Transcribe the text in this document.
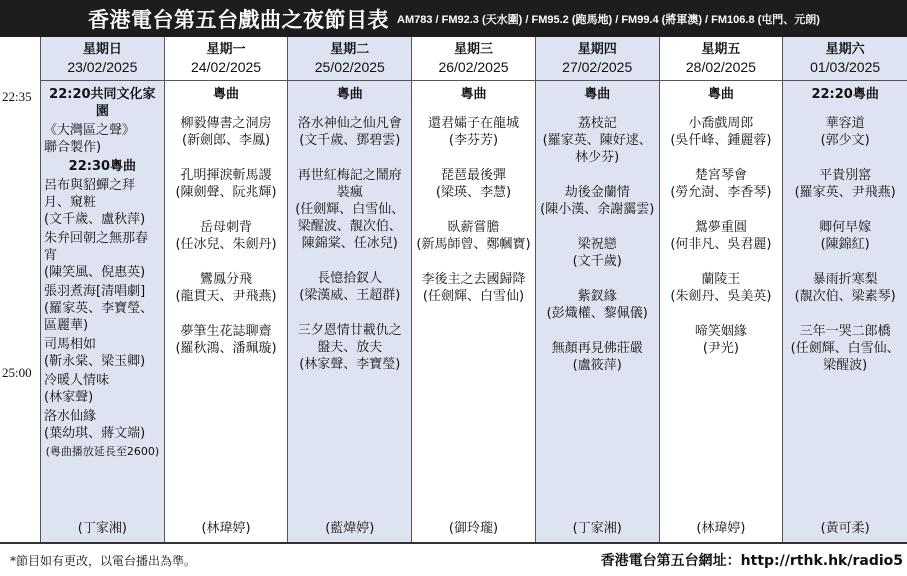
香港電台第五台戲曲之夜節目表 AM783 / FM92.3 (天水圍) / FM95.2 (跑馬地) / FM99.4 (將軍澳) / FM106.8 (屯門、元朗)
22:35
25:00
星期日
23/02/2025
22:20共同文化家園
《大灣區之聲》
聯合製作)
22:30粵曲
呂布與貂蟬之拜月、窺粧
(文千歲、盧秋萍)
朱弁回朝之無那春宵
(陳笑風、倪惠英)
張羽煮海[清唱劇]
(羅家英、李寶瑩、區麗華)
司馬相如
(靳永棠、梁玉卿)
冷暖人情味
(林家聲)
洛水仙緣
(葉幼琪、蔣文端)
(粵曲播放延長至2600)
(丁家湘)
星期一
24/02/2025
粵曲
柳毅傳書之洞房
(新劍郎、李鳳)
孔明揮淚斬馬謖
(陳劍聲、阮兆輝)
岳母刺背
(任冰兒、朱劍丹)
鸞鳳分飛
(龍貫天、尹飛燕)
夢筆生花誌聊齋
(羅秋鴻、潘珮璇)
(林瑋婷)
星期二
25/02/2025
粵曲
洛水神仙之仙凡會
(文千歲、鄧碧雲)
再世紅梅記之鬧府裝瘋
(任劍輝、白雪仙、梁醒波、靚次伯、陳錦棠、任冰兒)
長憶拾釵人
(梁漢威、王超群)
三夕恩情廿載仇之盤夫、放夫
(林家聲、李寶瑩)
(藍煒婷)
星期三
26/02/2025
粵曲
還君孀子在龍城
(李芬芳)
琵琶最後彈
(梁瑛、李慧)
臥薪嘗膽
(新馬師曾、鄭幗寶)
李後主之去國歸降
(任劍輝、白雪仙)
(御玲瓏)
星期四
27/02/2025
粵曲
荔枝記
(羅家英、陳好逑、林少芬)
劫後金蘭情
(陳小漢、余謝靄雲)
梁祝戀
(文千歲)
紫釵緣
(彭熾權、黎佩儀)
無顏再見佛莊嚴
(盧筱萍)
(丁家湘)
星期五
28/02/2025
粵曲
小喬戲周郎
(吳仟峰、鍾麗蓉)
楚宮琴會
(勞允澍、李香琴)
鴛夢重圓
(何非凡、吳君麗)
蘭陵王
(朱劍丹、吳美英)
啼笑姻緣
(尹光)
(林瑋婷)
星期六
01/03/2025
22:20粵曲
華容道
(郭少文)
平貴別窰
(羅家英、尹飛燕)
卿何早嫁
(陳錦紅)
暴雨折寒梨
(靚次伯、梁素琴)
三年一哭二郎橋
(任劍輝、白雪仙、梁醒波)
(黃可柔)
*節目如有更改，以電台播出為準。	香港電台第五台網址：http://rthk.hk/radio5
